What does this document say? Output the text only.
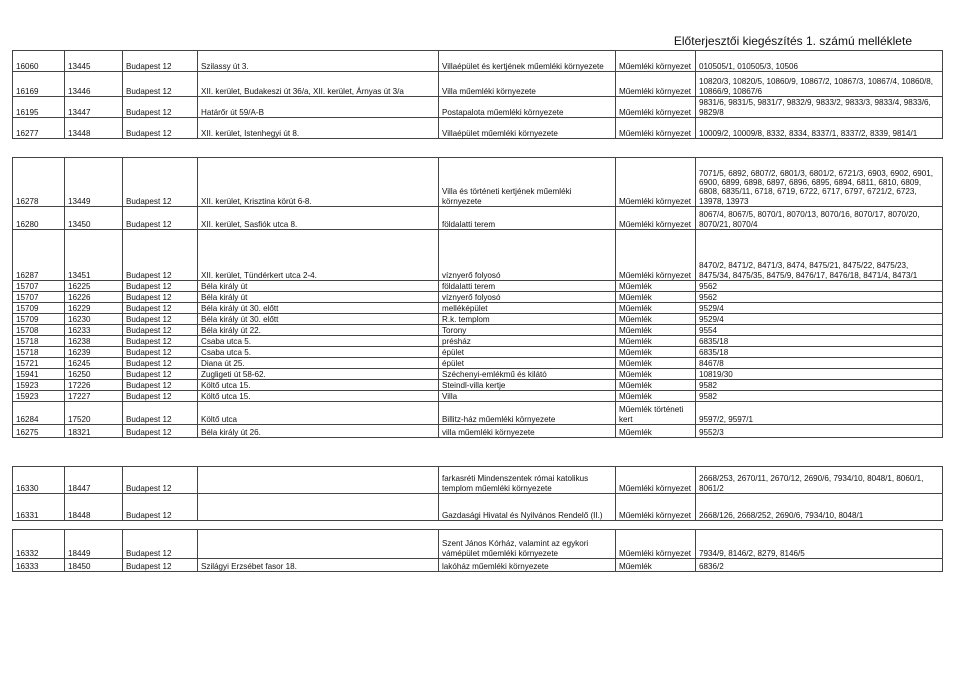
Előterjesztői kiegészítés 1. számú melléklete
16060	13445	Budapest 12	Szilassy út 3.	Villaépület és kertjének műemléki környezete	Műemléki környezet	010505/1, 010505/3, 10506
16169	13446	Budapest 12	XII. kerület, Budakeszi út 36/a, XII. kerület, Árnyas út 3/a	Villa műemléki környezete	Műemléki környezet	10820/3, 10820/5, 10860/9, 10867/2, 10867/3, 10867/4, 10860/8, 10866/9, 10867/6
16195	13447	Budapest 12	Határőr út 59/A-B	Postapalota műemléki környezete	Műemléki környezet	9831/6, 9831/5, 9831/7, 9832/9, 9833/2, 9833/3, 9833/4, 9833/6, 9829/8
16277	13448	Budapest 12	XII. kerület, Istenhegyi út 8.	Villaépület műemléki környezete	Műemléki környezet	10009/2, 10009/8, 8332, 8334, 8337/1, 8337/2, 8339, 9814/1

16278	13449	Budapest 12	XII. kerület, Krisztina körút 6-8.	Villa és történeti kertjének műemléki környezete	Műemléki környezet	7071/5, 6892, 6807/2, 6801/3, 6801/2, 6721/3, 6903, 6902, 6901, 6900, 6899, 6898, 6897, 6896, 6895, 6894, 6811, 6810, 6809, 6808, 6835/11, 6718, 6719, 6722, 6717, 6797, 6721/2, 6723, 13978, 13973
16280	13450	Budapest 12	XII. kerület, Sasfiók utca 8.	földalatti terem	Műemléki környezet	8067/4, 8067/5, 8070/1, 8070/13, 8070/16, 8070/17, 8070/20, 8070/21, 8070/4
16287	13451	Budapest 12	XII. kerület, Tündérkert utca 2-4.	víznyerő folyosó	Műemléki környezet	8470/2, 8471/2, 8471/3, 8474, 8475/21, 8475/22, 8475/23, 8475/34, 8475/35, 8475/9, 8476/17, 8476/18, 8471/4, 8473/1
15707	16225	Budapest 12	Béla király út	földalatti terem	Műemlék	9562
15707	16226	Budapest 12	Béla király út	víznyerő folyosó	Műemlék	9562
15709	16229	Budapest 12	Béla király út 30. előtt	melléképület	Műemlék	9529/4
15709	16230	Budapest 12	Béla király út 30. előtt	R.k. templom	Műemlék	9529/4
15708	16233	Budapest 12	Béla király út 22.	Torony	Műemlék	9554
15718	16238	Budapest 12	Csaba utca 5.	présház	Műemlék	6835/18
15718	16239	Budapest 12	Csaba utca 5.	épület	Műemlék	6835/18
15721	16245	Budapest 12	Diana út 25.	épület	Műemlék	8467/8
15941	16250	Budapest 12	Zugligeti út 58-62.	Széchenyi-emlékmű és kilátó	Műemlék	10819/30
15923	17226	Budapest 12	Költő utca 15.	Steindl-villa kertje	Műemlék	9582
15923	17227	Budapest 12	Költő utca 15.	Villa	Műemlék	9582
16284	17520	Budapest 12	Költő utca	Billitz-ház műemléki környezete	Műemlék történeti kert	9597/2, 9597/1
16275	18321	Budapest 12	Béla király út 26.	villa műemléki környezete	Műemlék	9552/3

16330	18447	Budapest 12		farkasréti Mindenszentek római katolikus templom műemléki környezete	Műemléki környezet	2668/253, 2670/11, 2670/12, 2690/6, 7934/10, 8048/1, 8060/1, 8061/2
16331	18448	Budapest 12		Gazdasági Hivatal és Nyilvános Rendelő (II.)	Műemléki környezet	2668/126, 2668/252, 2690/6, 7934/10, 8048/1

16332	18449	Budapest 12		Szent János Kórház, valamint az egykori vámépület műemléki környezete	Műemléki környezet	7934/9, 8146/2, 8279, 8146/5
16333	18450	Budapest 12	Szilágyi Erzsébet fasor 18.	lakóház műemléki környezete	Műemlék	6836/2
